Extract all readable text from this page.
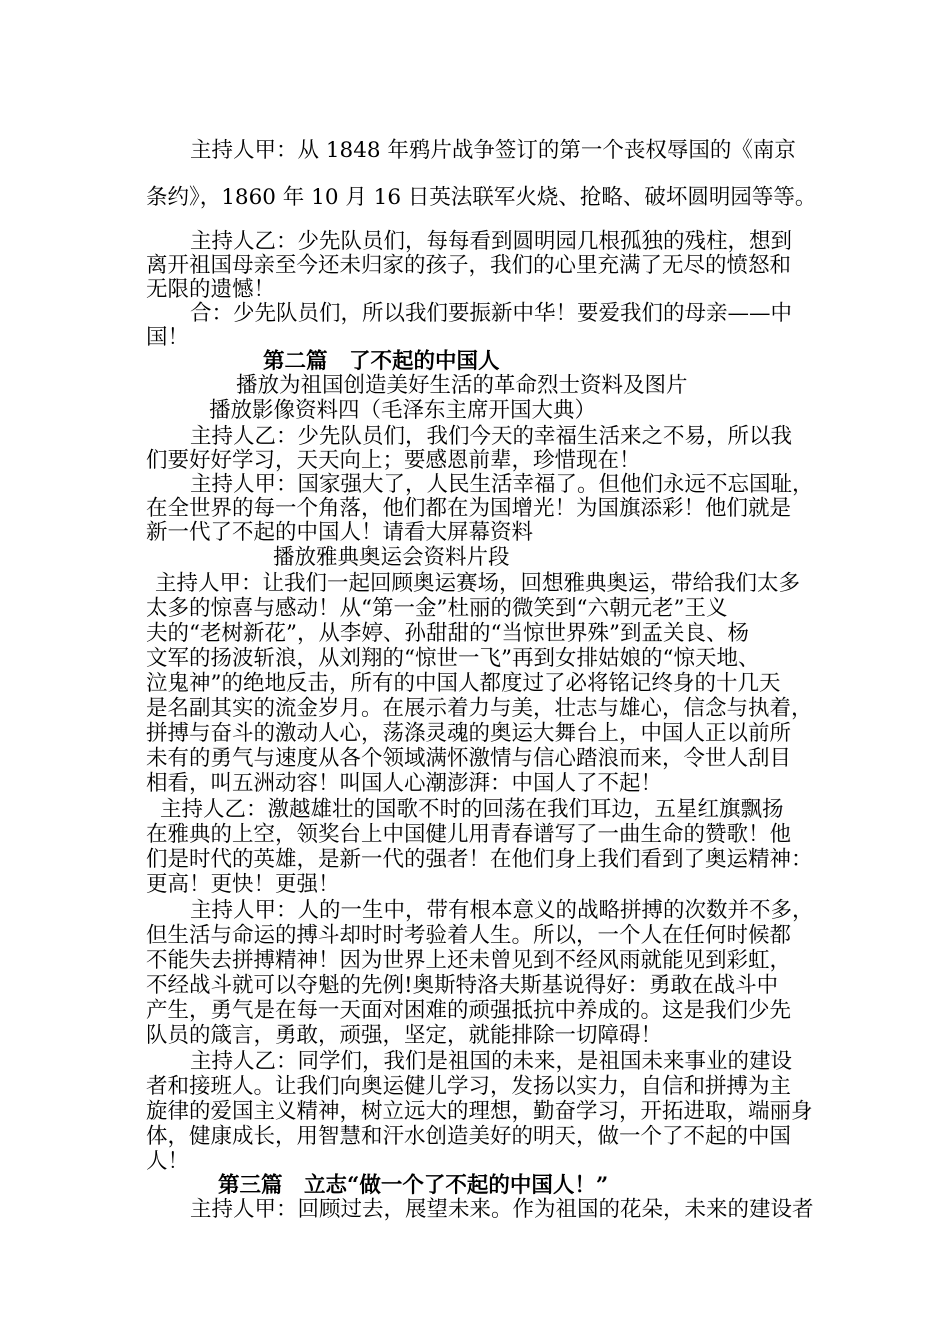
主持人甲：从 1848 年鸦片战争签订的第一个丧权辱国的《南京
条约》，1860 年 10 月 16 日英法联军火烧、抢略、破坏圆明园等等。
主持人乙：少先队员们，每每看到圆明园几根孤独的残柱，想到
离开祖国母亲至今还未归家的孩子，我们的心里充满了无尽的愤怒和
无限的遗憾！
合：少先队员们，所以我们要振新中华！要爱我们的母亲——中
国！
第二篇　了不起的中国人
播放为祖国创造美好生活的革命烈士资料及图片
播放影像资料四（毛泽东主席开国大典）
主持人乙：少先队员们，我们今天的幸福生活来之不易，所以我
们要好好学习，天天向上；要感恩前辈，珍惜现在！
主持人甲：国家强大了，人民生活幸福了。但他们永远不忘国耻，
在全世界的每一个角落，他们都在为国增光！为国旗添彩！他们就是
新一代了不起的中国人！请看大屏幕资料
播放雅典奥运会资料片段
主持人甲：让我们一起回顾奥运赛场，回想雅典奥运，带给我们太多
太多的惊喜与感动！从“第一金”杜丽的微笑到“六朝元老”王义
夫的“老树新花”，从李婷、孙甜甜的“当惊世界殊”到孟关良、杨
文军的扬波斩浪，从刘翔的“惊世一飞”再到女排姑娘的“惊天地、
泣鬼神”的绝地反击，所有的中国人都度过了必将铭记终身的十几天
是名副其实的流金岁月。在展示着力与美，壮志与雄心，信念与执着，
拼搏与奋斗的激动人心，荡涤灵魂的奥运大舞台上，中国人正以前所
未有的勇气与速度从各个领域满怀激情与信心踏浪而来，令世人刮目
相看，叫五洲动容！叫国人心潮澎湃：中国人了不起！
主持人乙：激越雄壮的国歌不时的回荡在我们耳边，五星红旗飘扬
在雅典的上空，领奖台上中国健儿用青春谱写了一曲生命的赞歌！他
们是时代的英雄，是新一代的强者！在他们身上我们看到了奥运精神：
更高！更快！更强！
主持人甲：人的一生中，带有根本意义的战略拼搏的次数并不多，
但生活与命运的搏斗却时时考验着人生。所以，一个人在任何时候都
不能失去拼搏精神！因为世界上还未曾见到不经风雨就能见到彩虹，
不经战斗就可以夺魁的先例!奥斯特洛夫斯基说得好：勇敢在战斗中
产生，勇气是在每一天面对困难的顽强抵抗中养成的。这是我们少先
队员的箴言，勇敢，顽强，坚定，就能排除一切障碍！
主持人乙：同学们，我们是祖国的未来，是祖国未来事业的建设
者和接班人。让我们向奥运健儿学习，发扬以实力，自信和拼搏为主
旋律的爱国主义精神，树立远大的理想，勤奋学习，开拓进取，端丽身
体，健康成长，用智慧和汗水创造美好的明天，做一个了不起的中国
人！
第三篇　立志“做一个了不起的中国人！”
主持人甲：回顾过去，展望未来。作为祖国的花朵，未来的建设者
